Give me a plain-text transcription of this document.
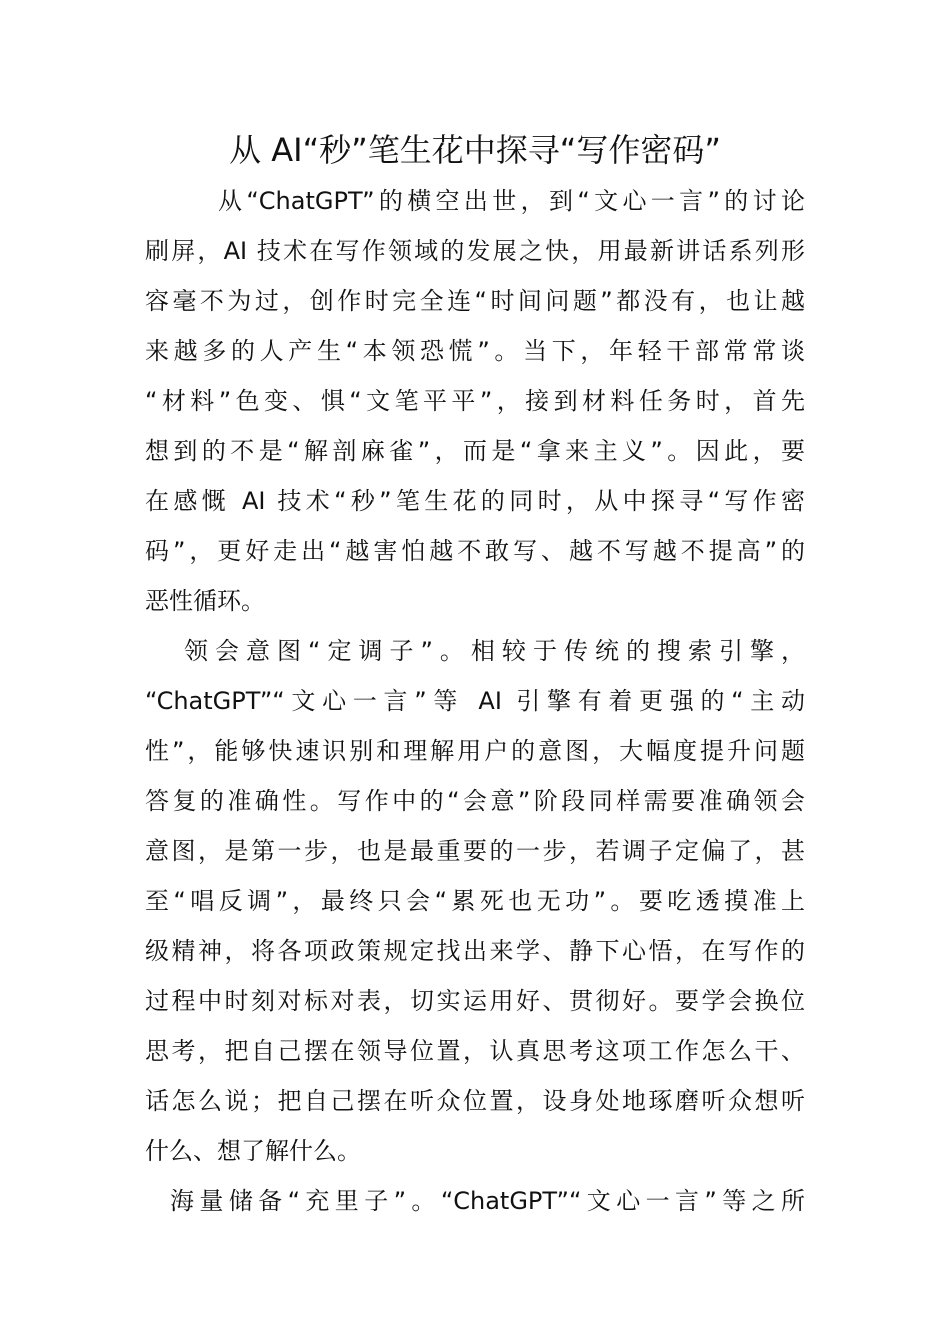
从 AI“秒”笔生花中探寻“写作密码”
从“ChatGPT”的横空出世，到“文心一言”的讨论
刷屏，AI 技术在写作领域的发展之快，用最新讲话系列形
容毫不为过，创作时完全连“时间问题”都没有，也让越
来越多的人产生“本领恐慌”。当下，年轻干部常常谈
“材料”色变、惧“文笔平平”，接到材料任务时，首先
想到的不是“解剖麻雀”，而是“拿来主义”。因此，要
在感慨 AI 技术“秒”笔生花的同时，从中探寻“写作密
码”，更好走出“越害怕越不敢写、越不写越不提高”的
恶性循环。
领会意图“定调子”。相较于传统的搜索引擎，
“ChatGPT”“文心一言”等 AI 引擎有着更强的“主动
性”，能够快速识别和理解用户的意图，大幅度提升问题
答复的准确性。写作中的“会意”阶段同样需要准确领会
意图，是第一步，也是最重要的一步，若调子定偏了，甚
至“唱反调”，最终只会“累死也无功”。要吃透摸准上
级精神，将各项政策规定找出来学、静下心悟，在写作的
过程中时刻对标对表，切实运用好、贯彻好。要学会换位
思考，把自己摆在领导位置，认真思考这项工作怎么干、
话怎么说；把自己摆在听众位置，设身处地琢磨听众想听
什么、想了解什么。
海量储备“充里子”。“ChatGPT”“文心一言”等之所
